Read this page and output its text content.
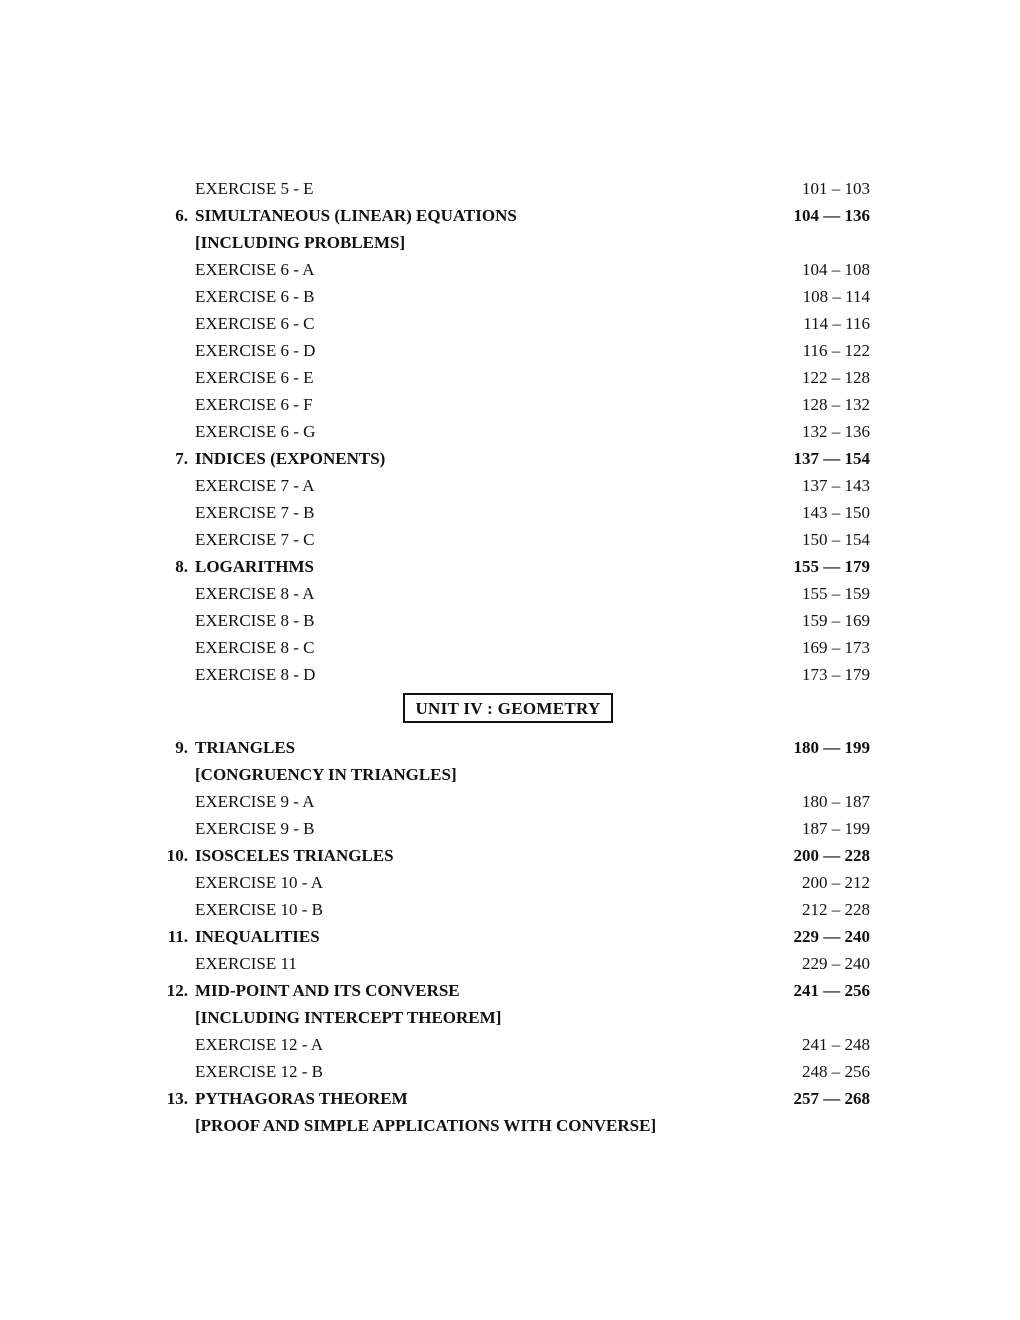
EXERCISE 5 - E	101 – 103
6. SIMULTANEOUS (LINEAR) EQUATIONS	104 — 136
[INCLUDING PROBLEMS]
EXERCISE 6 - A	104 – 108
EXERCISE 6 - B	108 – 114
EXERCISE 6 - C	114 – 116
EXERCISE 6 - D	116 – 122
EXERCISE 6 - E	122 – 128
EXERCISE 6 - F	128 – 132
EXERCISE 6 - G	132 – 136
7. INDICES (EXPONENTS)	137 — 154
EXERCISE 7 - A	137 – 143
EXERCISE 7 - B	143 – 150
EXERCISE 7 - C	150 – 154
8. LOGARITHMS	155 — 179
EXERCISE 8 - A	155 – 159
EXERCISE 8 - B	159 – 169
EXERCISE 8 - C	169 – 173
EXERCISE 8 - D	173 – 179
UNIT IV : GEOMETRY
9. TRIANGLES	180 — 199
[CONGRUENCY IN TRIANGLES]
EXERCISE 9 - A	180 – 187
EXERCISE 9 - B	187 – 199
10. ISOSCELES TRIANGLES	200 — 228
EXERCISE 10 - A	200 – 212
EXERCISE 10 - B	212 – 228
11. INEQUALITIES	229 — 240
EXERCISE 11	229 – 240
12. MID-POINT AND ITS CONVERSE	241 — 256
[INCLUDING INTERCEPT THEOREM]
EXERCISE 12 - A	241 – 248
EXERCISE 12 - B	248 – 256
13. PYTHAGORAS THEOREM	257 — 268
[PROOF AND SIMPLE APPLICATIONS WITH CONVERSE]
